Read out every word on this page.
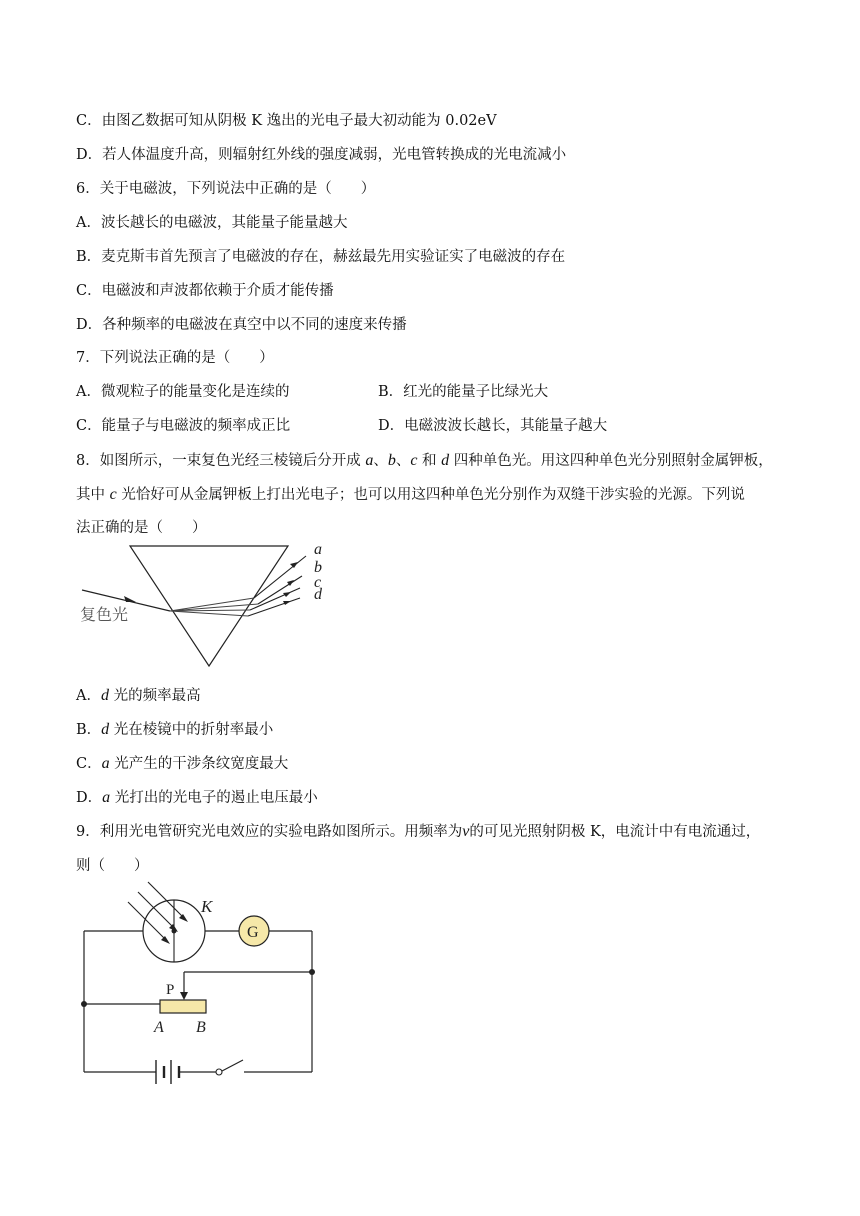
C．由图乙数据可知从阴极 K 逸出的光电子最大初动能为 0.02eV
D．若人体温度升高，则辐射红外线的强度减弱，光电管转换成的光电流减小
6．关于电磁波，下列说法中正确的是（　　）
A．波长越长的电磁波，其能量子能量越大
B．麦克斯韦首先预言了电磁波的存在，赫兹最先用实验证实了电磁波的存在
C．电磁波和声波都依赖于介质才能传播
D．各种频率的电磁波在真空中以不同的速度来传播
7．下列说法正确的是（　　）
A．微观粒子的能量变化是连续的	B．红光的能量子比绿光大
C．能量子与电磁波的频率成正比	D．电磁波波长越长，其能量子越大
8．如图所示，一束复色光经三棱镜后分开成 a、b、c 和 d 四种单色光。用这四种单色光分别照射金属钾板，
其中 c 光恰好可从金属钾板上打出光电子；也可以用这四种单色光分别作为双缝干涉实验的光源。下列说
法正确的是（　　）
复色光
a
b
c
d
A．d 光的频率最高
B．d 光在棱镜中的折射率最小
C．a 光产生的干涉条纹宽度最大
D．a 光打出的光电子的遏止电压最小
9．利用光电管研究光电效应的实验电路如图所示。用频率为ν的可见光照射阴极 K，电流计中有电流通过，
则（　　）
K
G
P
A B
